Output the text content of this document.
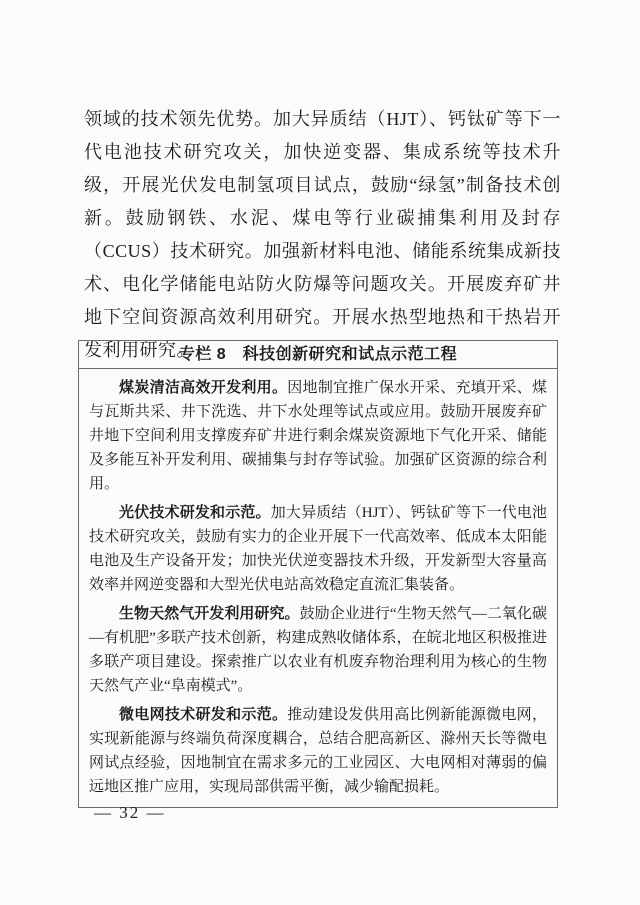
领域的技术领先优势。加大异质结（HJT）、钙钛矿等下一代电池技术研究攻关，加快逆变器、集成系统等技术升级，开展光伏发电制氢项目试点，鼓励“绿氢”制备技术创新。鼓励钢铁、水泥、煤电等行业碳捕集利用及封存（CCUS）技术研究。加强新材料电池、储能系统集成新技术、电化学储能电站防火防爆等问题攻关。开展废弃矿井地下空间资源高效利用研究。开展水热型地热和干热岩开发利用研究。
专栏 8　科技创新研究和试点示范工程

煤炭清洁高效开发利用。因地制宜推广保水开采、充填开采、煤与瓦斯共采、井下洗选、井下水处理等试点或应用。鼓励开展废弃矿井地下空间利用支撑废弃矿井进行剩余煤炭资源地下气化开采、储能及多能互补开发利用、碳捕集与封存等试验。加强矿区资源的综合利用。

光伏技术研发和示范。加大异质结（HJT）、钙钛矿等下一代电池技术研究攻关，鼓励有实力的企业开展下一代高效率、低成本太阳能电池及生产设备开发；加快光伏逆变器技术升级，开发新型大容量高效率并网逆变器和大型光伏电站高效稳定直流汇集装备。

生物天然气开发利用研究。鼓励企业进行“生物天然气—二氧化碳—有机肥”多联产技术创新，构建成熟收储体系，在皖北地区积极推进多联产项目建设。探索推广以农业有机废弃物治理利用为核心的生物天然气产业“阜南模式”。

微电网技术研发和示范。推动建设发供用高比例新能源微电网，实现新能源与终端负荷深度耦合，总结合肥高新区、滁州天长等微电网试点经验，因地制宜在需求多元的工业园区、大电网相对薄弱的偏远地区推广应用，实现局部供需平衡，减少输配损耗。

— 32 —
